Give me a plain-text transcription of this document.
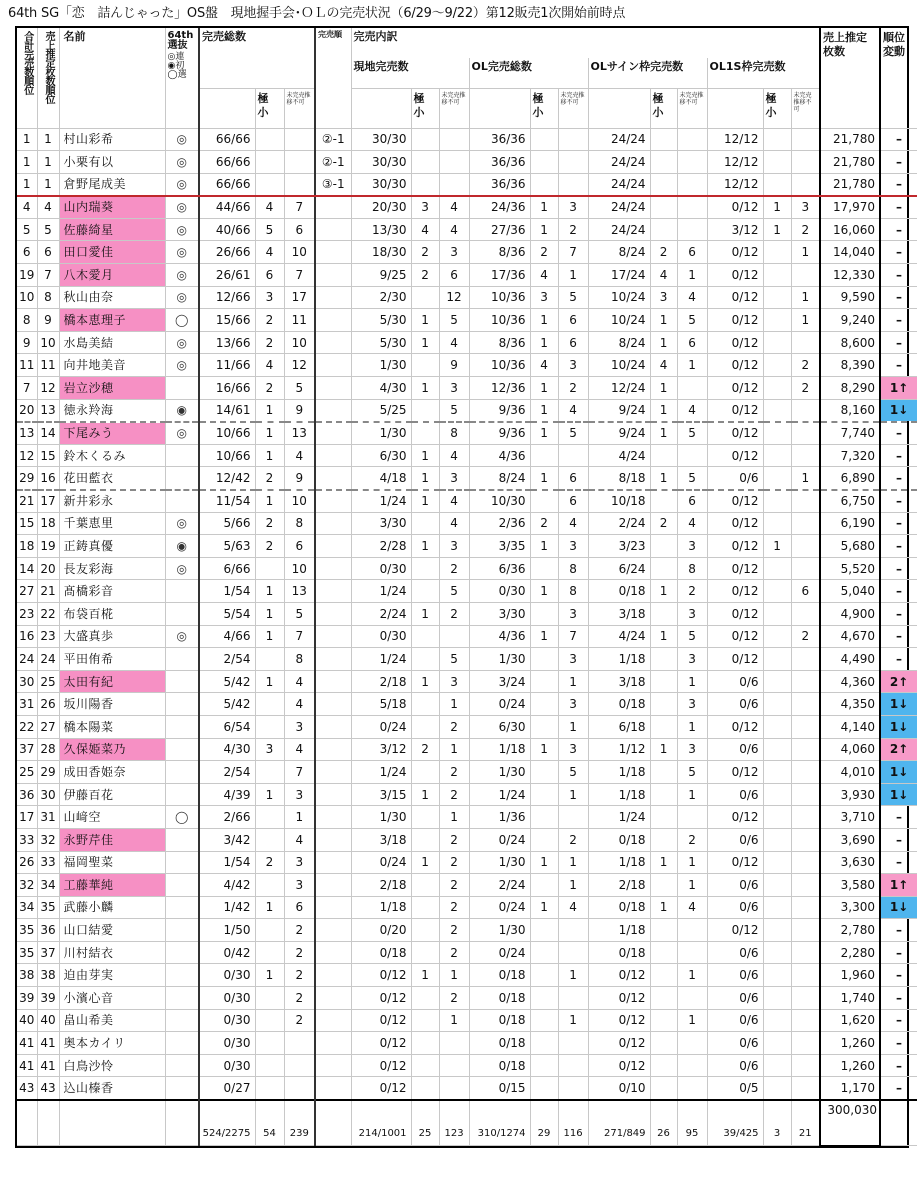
64th SG「恋　詰んじゃった」OS盤　現地握手会･ＯＬの完売状況（6/29〜9/22）第12販売1次開始前時点
合計完売数順位	売上推定枚数順位	名前	64th選抜
◎連
◉初
◯選	完売総数			完売順	完売内訳												売上推定枚数	順位変動

								現地完売数			OL完売総数			OLサイン枠完売数			OL1S枠完売数				

					極小	未完売推移不可			極小	未完売推移不可		極小	未完売推移不可		極小	未完売推移不可		極小	未完売推移不可		

1	1	村山彩希	◎	66/66			②-1	30/30			36/36			24/24			12/12			21,780	–
1	1	小栗有以	◎	66/66			②-1	30/30			36/36			24/24			12/12			21,780	–
1	1	倉野尾成美	◎	66/66			③-1	30/30			36/36			24/24			12/12			21,780	–
4	4	山内瑞葵	◎	44/66	4	7		20/30	3	4	24/36	1	3	24/24			0/12	1	3	17,970	–
5	5	佐藤綺星	◎	40/66	5	6		13/30	4	4	27/36	1	2	24/24			3/12	1	2	16,060	–
6	6	田口愛佳	◎	26/66	4	10		18/30	2	3	8/36	2	7	8/24	2	6	0/12		1	14,040	–
19	7	八木愛月	◎	26/61	6	7		9/25	2	6	17/36	4	1	17/24	4	1	0/12			12,330	–
10	8	秋山由奈	◎	12/66	3	17		2/30		12	10/36	3	5	10/24	3	4	0/12		1	9,590	–
8	9	橋本恵理子	◯	15/66	2	11		5/30	1	5	10/36	1	6	10/24	1	5	0/12		1	9,240	–
9	10	水島美結	◎	13/66	2	10		5/30	1	4	8/36	1	6	8/24	1	6	0/12			8,600	–
11	11	向井地美音	◎	11/66	4	12		1/30		9	10/36	4	3	10/24	4	1	0/12		2	8,390	–
7	12	岩立沙穂		16/66	2	5		4/30	1	3	12/36	1	2	12/24	1		0/12		2	8,290	1↑
20	13	徳永羚海	◉	14/61	1	9		5/25		5	9/36	1	4	9/24	1	4	0/12			8,160	1↓
13	14	下尾みう	◎	10/66	1	13		1/30		8	9/36	1	5	9/24	1	5	0/12			7,740	–
12	15	鈴木くるみ		10/66	1	4		6/30	1	4	4/36			4/24			0/12			7,320	–
29	16	花田藍衣		12/42	2	9		4/18	1	3	8/24	1	6	8/18	1	5	0/6		1	6,890	–
21	17	新井彩永		11/54	1	10		1/24	1	4	10/30		6	10/18		6	0/12			6,750	–
15	18	千葉恵里	◎	5/66	2	8		3/30		4	2/36	2	4	2/24	2	4	0/12			6,190	–
18	19	正鋳真優	◉	5/63	2	6		2/28	1	3	3/35	1	3	3/23		3	0/12	1		5,680	–
14	20	長友彩海	◎	6/66		10		0/30		2	6/36		8	6/24		8	0/12			5,520	–
27	21	髙橋彩音		1/54	1	13		1/24		5	0/30	1	8	0/18	1	2	0/12		6	5,040	–
23	22	布袋百椛		5/54	1	5		2/24	1	2	3/30		3	3/18		3	0/12			4,900	–
16	23	大盛真歩	◎	4/66	1	7		0/30			4/36	1	7	4/24	1	5	0/12		2	4,670	–
24	24	平田侑希		2/54		8		1/24		5	1/30		3	1/18		3	0/12			4,490	–
30	25	太田有紀		5/42	1	4		2/18	1	3	3/24		1	3/18		1	0/6			4,360	2↑
31	26	坂川陽香		5/42		4		5/18		1	0/24		3	0/18		3	0/6			4,350	1↓
22	27	橋本陽菜		6/54		3		0/24		2	6/30		1	6/18		1	0/12			4,140	1↓
37	28	久保姫菜乃		4/30	3	4		3/12	2	1	1/18	1	3	1/12	1	3	0/6			4,060	2↑
25	29	成田香姫奈		2/54		7		1/24		2	1/30		5	1/18		5	0/12			4,010	1↓
36	30	伊藤百花		4/39	1	3		3/15	1	2	1/24		1	1/18		1	0/6			3,930	1↓
17	31	山﨑空	◯	2/66		1		1/30		1	1/36			1/24			0/12			3,710	–
33	32	永野芹佳		3/42		4		3/18		2	0/24		2	0/18		2	0/6			3,690	–
26	33	福岡聖菜		1/54	2	3		0/24	1	2	1/30	1	1	1/18	1	1	0/12			3,630	–
32	34	工藤華純		4/42		3		2/18		2	2/24		1	2/18		1	0/6			3,580	1↑
34	35	武藤小麟		1/42	1	6		1/18		2	0/24	1	4	0/18	1	4	0/6			3,300	1↓
35	36	山口結愛		1/50		2		0/20		2	1/30			1/18			0/12			2,780	–
35	37	川村結衣		0/42		2		0/18		2	0/24			0/18			0/6			2,280	–
38	38	迫由芽実		0/30	1	2		0/12	1	1	0/18		1	0/12		1	0/6			1,960	–
39	39	小濱心音		0/30		2		0/12		2	0/18			0/12			0/6			1,740	–
40	40	畠山希美		0/30		2		0/12		1	0/18		1	0/12		1	0/6			1,620	–
41	41	奥本カイリ		0/30				0/12			0/18			0/12			0/6			1,260	–
41	41	白鳥沙怜		0/30				0/12			0/18			0/12			0/6			1,260	–
43	43	込山榛香		0/27				0/12			0/15			0/10			0/5			1,170	–
				524/2275	54	239		214/1001	25	123	310/1274	29	116	271/849	26	95	39/425	3	21	300,030	
